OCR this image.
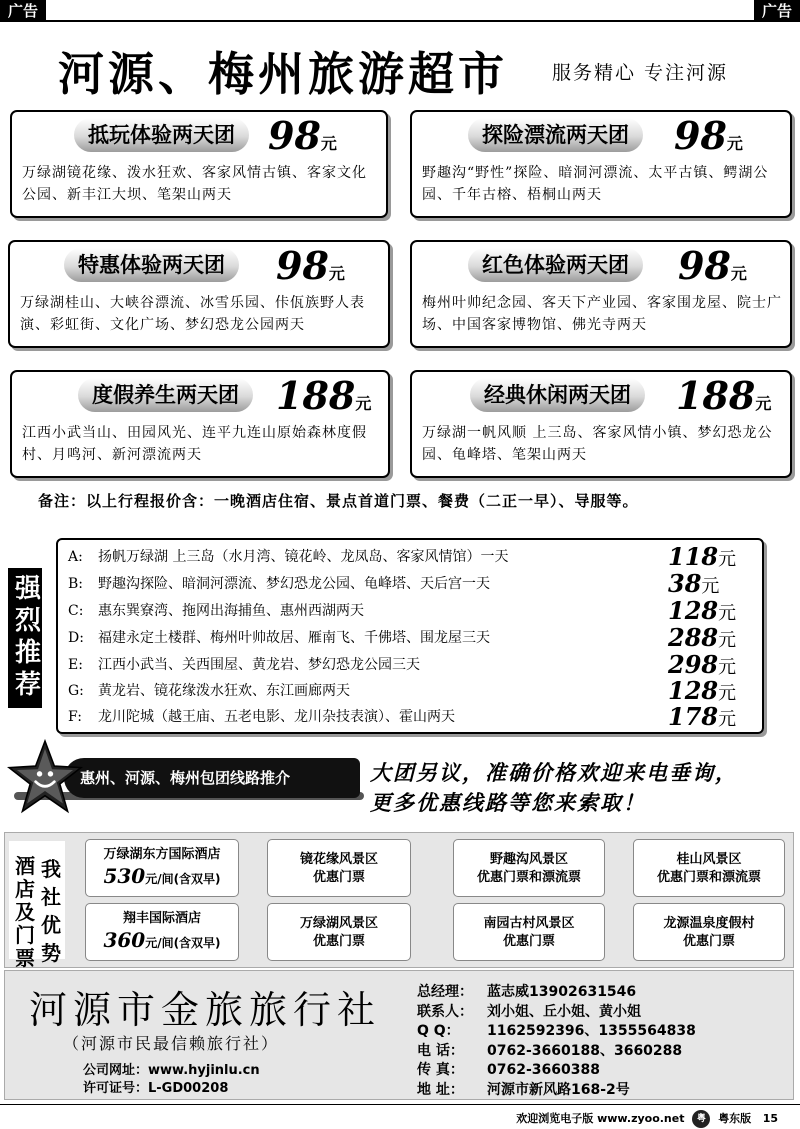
广告	广告
河源、梅州旅游超市 服务精心 专注河源
抵玩体验两天团 98元
万绿湖镜花缘、泼水狂欢、客家风情古镇、客家文化公园、新丰江大坝、笔架山两天
探险漂流两天团	98元
野趣沟“野性”探险、暗洞河漂流、太平古镇、鳄湖公园、千年古榕、梧桐山两天
特惠体验两天团	98元
万绿湖桂山、大峡谷漂流、冰雪乐园、佧佤族野人表演、彩虹街、文化广场、梦幻恐龙公园两天
红色体验两天团	98元
梅州叶帅纪念园、客天下产业园、客家围龙屋、院士广场、中国客家博物馆、佛光寺两天
度假养生两天团 188元
江西小武当山、田园风光、连平九连山原始森林度假村、月鸣河、新河漂流两天
经典休闲两天团	188元
万绿湖一帆风顺 上三岛、客家风情小镇、梦幻恐龙公园、龟峰塔、笔架山两天
备注：以上行程报价含：一晚酒店住宿、景点首道门票、餐费（二正一早）、导服等。
强烈推荐
A: 扬帆万绿湖 上三岛（水月湾、镜花岭、龙凤岛、客家风情馆）一天	118元
B: 野趣沟探险、暗洞河漂流、梦幻恐龙公园、龟峰塔、天后宫一天	38元
C: 惠东巽寮湾、拖网出海捕鱼、惠州西湖两天	128元
D: 福建永定土楼群、梅州叶帅故居、雁南飞、千佛塔、围龙屋三天	288元
E: 江西小武当、关西围屋、黄龙岩、梦幻恐龙公园三天	298元
G: 黄龙岩、镜花缘泼水狂欢、东江画廊两天	128元
F: 龙川陀城（越王庙、五老电影、龙川杂技表演）、霍山两天	178元
惠州、河源、梅州包团线路推介	大团另议，准确价格欢迎来电垂询，
更多优惠线路等您来索取！
酒店及门票
我社优势
万绿湖东方国际酒店
530元/间(含双早)
翔丰国际酒店
360元/间(含双早)
镜花缘风景区
优惠门票
野趣沟风景区
优惠门票和漂流票
桂山风景区
优惠门票和漂流票
万绿湖风景区
优惠门票
南园古村风景区
优惠门票
龙源温泉度假村
优惠门票
河源市金旅旅行社
（河源市民最信赖旅行社）
公司网址：www.hyjinlu.cn
许可证号：L-GD00208
总经理： 蓝志威13902631546
联系人： 刘小姐、丘小姐、黄小姐
Q Q： 1162592396、1355564838
电 话： 0762-3660188、3660288
传 真： 0762-3660388
地 址： 河源市新风路168-2号
欢迎浏览电子版 www.zyoo.net 粤 粤东版 15
